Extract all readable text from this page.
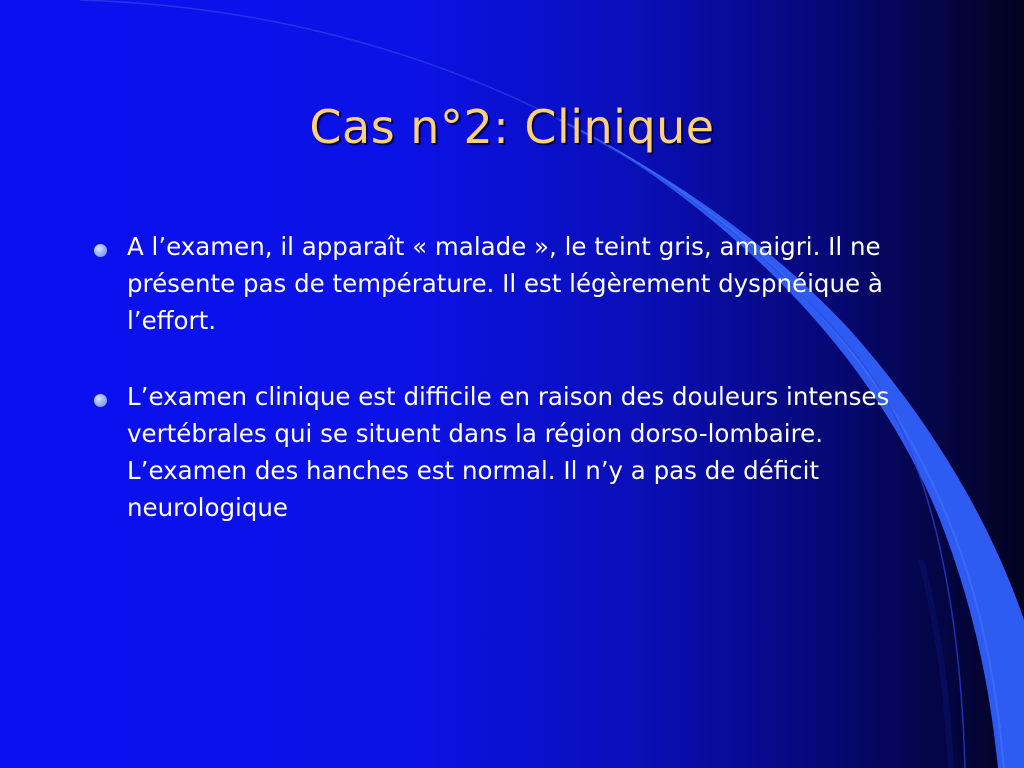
Cas n°2: Clinique
A l’examen, il apparaît « malade », le teint gris, amaigri. Il ne présente pas de température. Il est légèrement dyspnéique à l’effort.
L’examen clinique est difficile en raison des douleurs intenses vertébrales qui se situent dans la région dorso-lombaire. L’examen des hanches est normal. Il n’y a pas de déficit neurologique
